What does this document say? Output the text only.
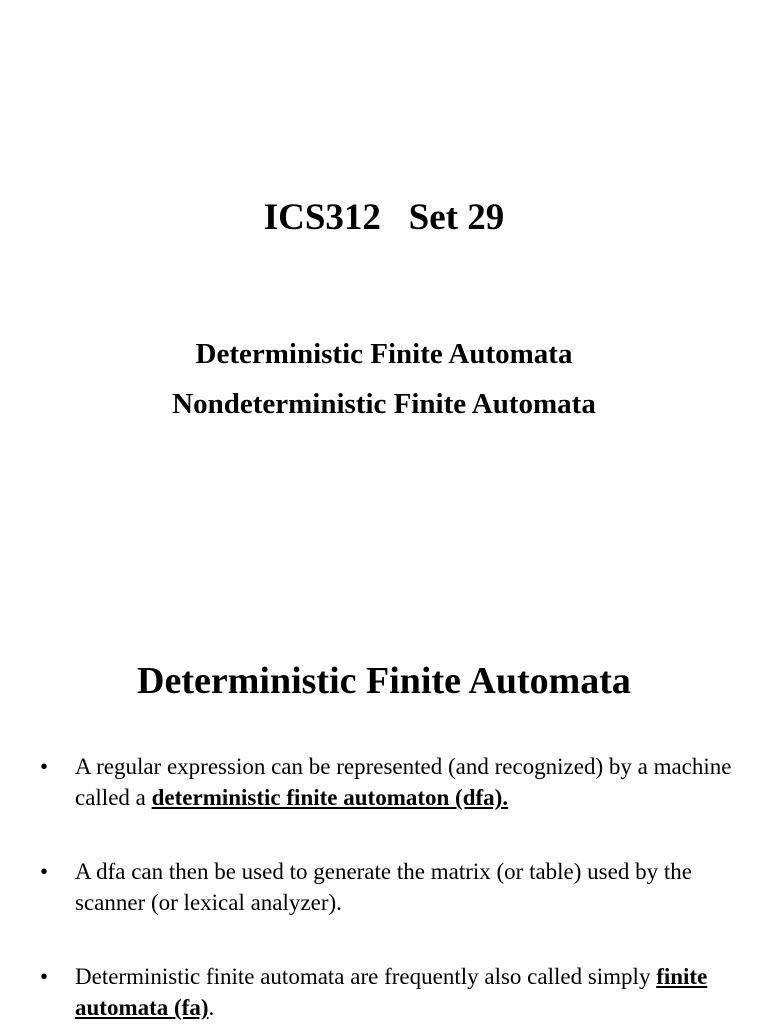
ICS312   Set 29
Deterministic Finite Automata
Nondeterministic Finite Automata
Deterministic Finite Automata
• A regular expression can be represented (and recognized) by a machine called a deterministic finite automaton (dfa).
• A dfa can then be used to generate the matrix (or table) used by the scanner (or lexical analyzer).
• Deterministic finite automata are frequently also called simply finite automata (fa).
